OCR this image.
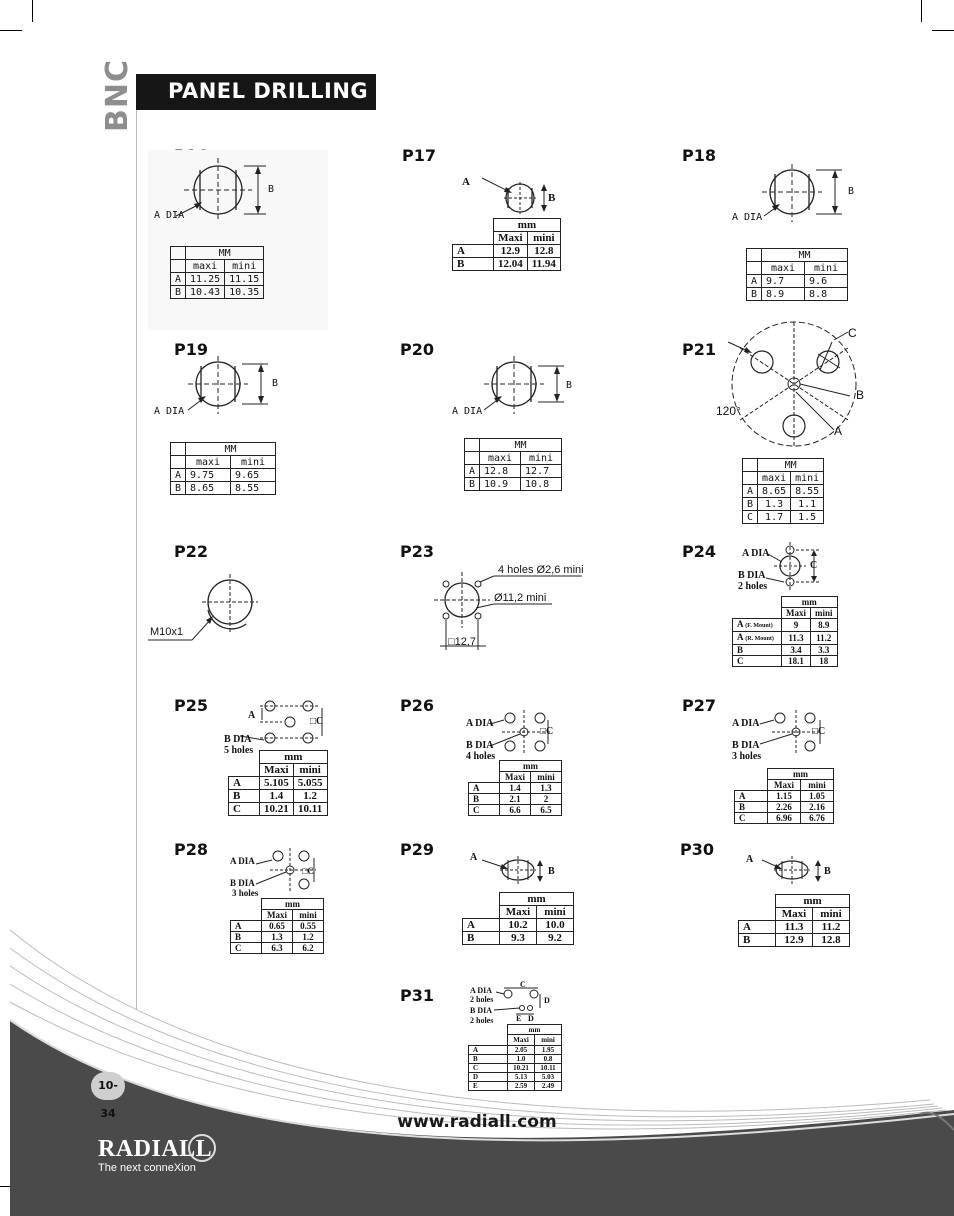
BNC PANEL DRILLING
A DIA
B
	MM	
	maxi	mini
A	11.25	11.15
B	10.43	10.35
P17
A
B
	mm	
	Maxi	mini
A	12.9	12.8
B	12.04	11.94
P18
A DIA
B
	MM	
	maxi	mini
A	9.7	9.6
B	8.9	8.8
P19
A DIA
B
	MM	
	maxi	mini
A	9.75	9.65
B	8.65	8.55
P20
A DIA
B
	MM	
	maxi	mini
A	12.8	12.7
B	10.9	10.8
P21
C
B
A
120°
	MM	
	maxi	mini
A	8.65	8.55
B	1.3	1.1
C	1.7	1.5
P22
M10x1
P23
4 holes Ø2,6 mini
Ø11,2 mini
□12,7
P24	A DIA
B DIA
2 holes
C
	mm	
	Maxi	mini
A (F. Mount)	9	8.9
A (R. Mount)	11.3	11.2
B	3.4	3.3
C	18.1	18
P25
A
B DIA
5 holes
□C
	mm	
	Maxi	mini
A	5.105	5.055
B	1.4	1.2
C	10.21	10.11
P26
A DIA
B DIA
4 holes
□C
	mm	
	Maxi	mini
A	1.4	1.3
B	2.1	2
C	6.6	6.5
P27
A DIA
B DIA
3 holes
□C
	mm	
	Maxi	mini
A	1.15	1.05
B	2.26	2.16
C	6.96	6.76
P28
A DIA
B DIA
3 holes
□C
	mm	
	Maxi	mini
A	0.65	0.55
B	1.3	1.2
C	6.3	6.2
P29	A
B
	mm	
	Maxi	mini
A	10.2	10.0
B	9.3	9.2
P30
A
B
	mm	
	Maxi	mini
A	11.3	11.2
B	12.9	12.8
P31	A DIA
2 holes
B DIA
2 holes
C
D
E D
	mm	
	Maxi	mini
A	2.05	1.95
B	1.0	0.8
C	10.21	10.11
D	5.13	5.03
E	2.59	2.49
10-34	www.radiall.com
RADIALL
The next conneXion
